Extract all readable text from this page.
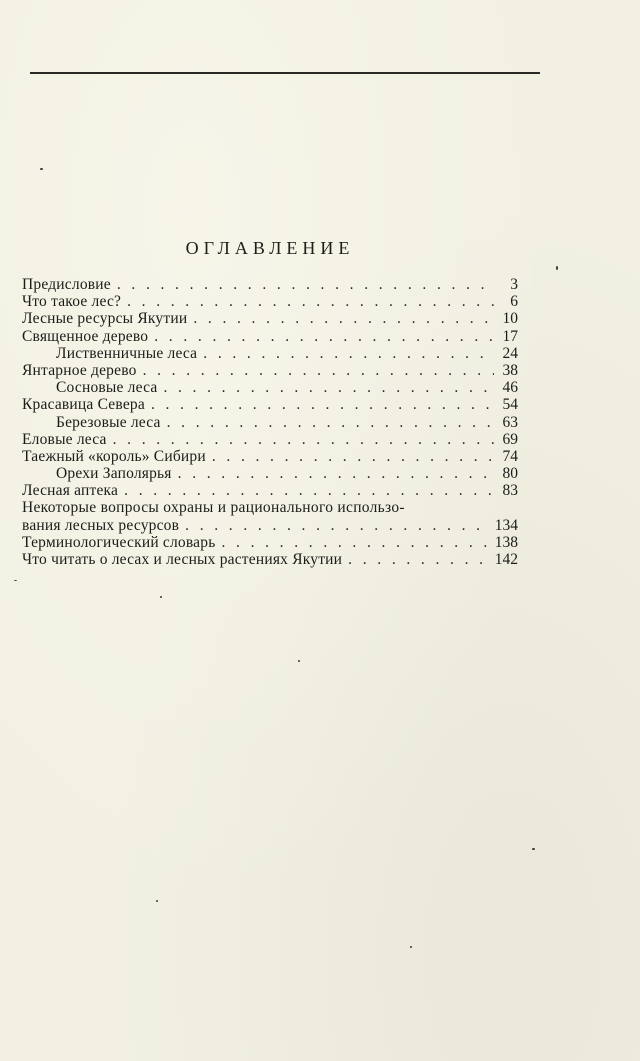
ОГЛАВЛЕНИЕ
Предисловие . . .	3
Что такое лес? . . .	6
Лесные ресурсы Якутии . . .	10
Священное дерево . . .	17
Лиственничные леса . . .	24
Янтарное дерево . . .	38
Сосновые леса . . .	46
Красавица Севера . . .	54
Березовые леса . . .	63
Еловые леса . . .	69
Таежный «король» Сибири . . .	74
Орехи Заполярья . . .	80
Лесная аптека . . .	83
Некоторые вопросы охраны и рационального использо-
вания лесных ресурсов . . .	134
Терминологический словарь . . .	138
Что читать о лесах и лесных растениях Якутии . . .	142
